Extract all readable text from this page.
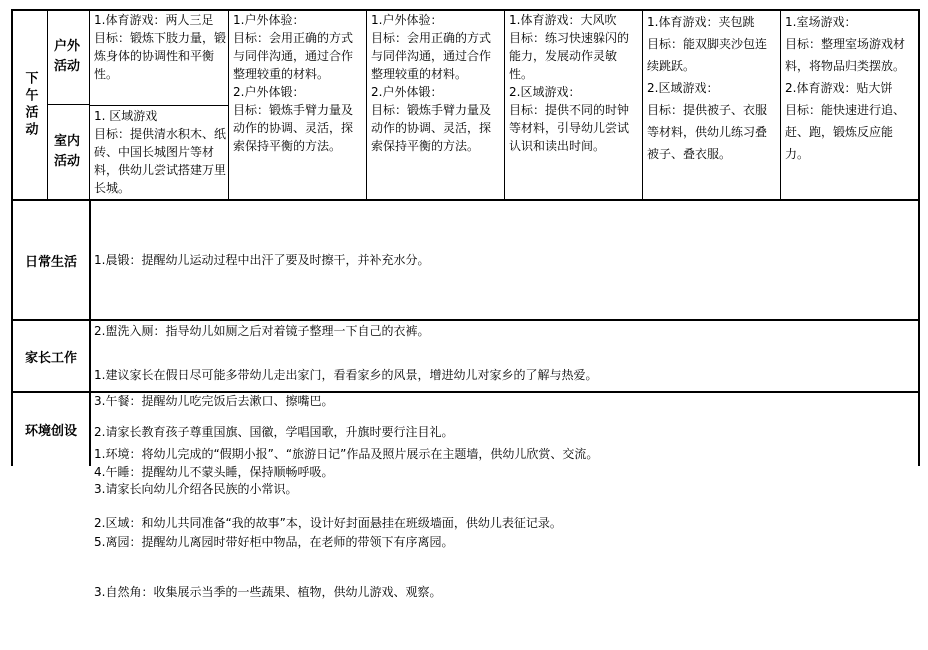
下午活动
户外活动
室内活动
1.体育游戏：两人三足
目标：锻炼下肢力量，锻炼身体的协调性和平衡性。
1. 区域游戏
目标：提供清水积木、纸砖、中国长城图片等材料，供幼儿尝试搭建万里长城。
1.户外体验：
目标：会用正确的方式与同伴沟通，通过合作整理较重的材料。
2.户外体锻：
目标：锻炼手臂力量及动作的协调、灵活，探索保持平衡的方法。
1.户外体验：
目标：会用正确的方式与同伴沟通，通过合作整理较重的材料。
2.户外体锻：
目标：锻炼手臂力量及动作的协调、灵活，探索保持平衡的方法。
1.体育游戏：大风吹
目标：练习快速躲闪的能力，发展动作灵敏性。
2.区域游戏：
目标：提供不同的时钟等材料，引导幼儿尝试认识和读出时间。
1.体育游戏：夹包跳
目标：能双脚夹沙包连续跳跃。
2.区域游戏：
目标：提供被子、衣服等材料，供幼儿练习叠被子、叠衣服。
1.室场游戏：
目标：整理室场游戏材料，将物品归类摆放。
2.体育游戏：贴大饼
目标：能快速进行追、赶、跑，锻炼反应能力。
日常生活

	1.晨锻：提醒幼儿运动过程中出汗了要及时擦干，并补充水分。

2.盥洗入厕：指导幼儿如厕之后对着镜子整理一下自己的衣裤。

3.午餐：提醒幼儿吃完饭后去漱口、擦嘴巴。

4.午睡：提醒幼儿不蒙头睡，保持顺畅呼吸。

5.离园：提醒幼儿离园时带好柜中物品，在老师的带领下有序离园。

家长工作

1.建议家长在假日尽可能多带幼儿走出家门，看看家乡的风景，增进幼儿对家乡的了解与热爱。

2.请家长教育孩子尊重国旗、国徽，学唱国歌，升旗时要行注目礼。

3.请家长向幼儿介绍各民族的小常识。

环境创设

1.环境：将幼儿完成的“假期小报”、“旅游日记”作品及照片展示在主题墙，供幼儿欣赏、交流。

2.区域：和幼儿共同准备“我的故事”本，设计好封面悬挂在班级墙面，供幼儿表征记录。

3.自然角：收集展示当季的一些蔬果、植物，供幼儿游戏、观察。
